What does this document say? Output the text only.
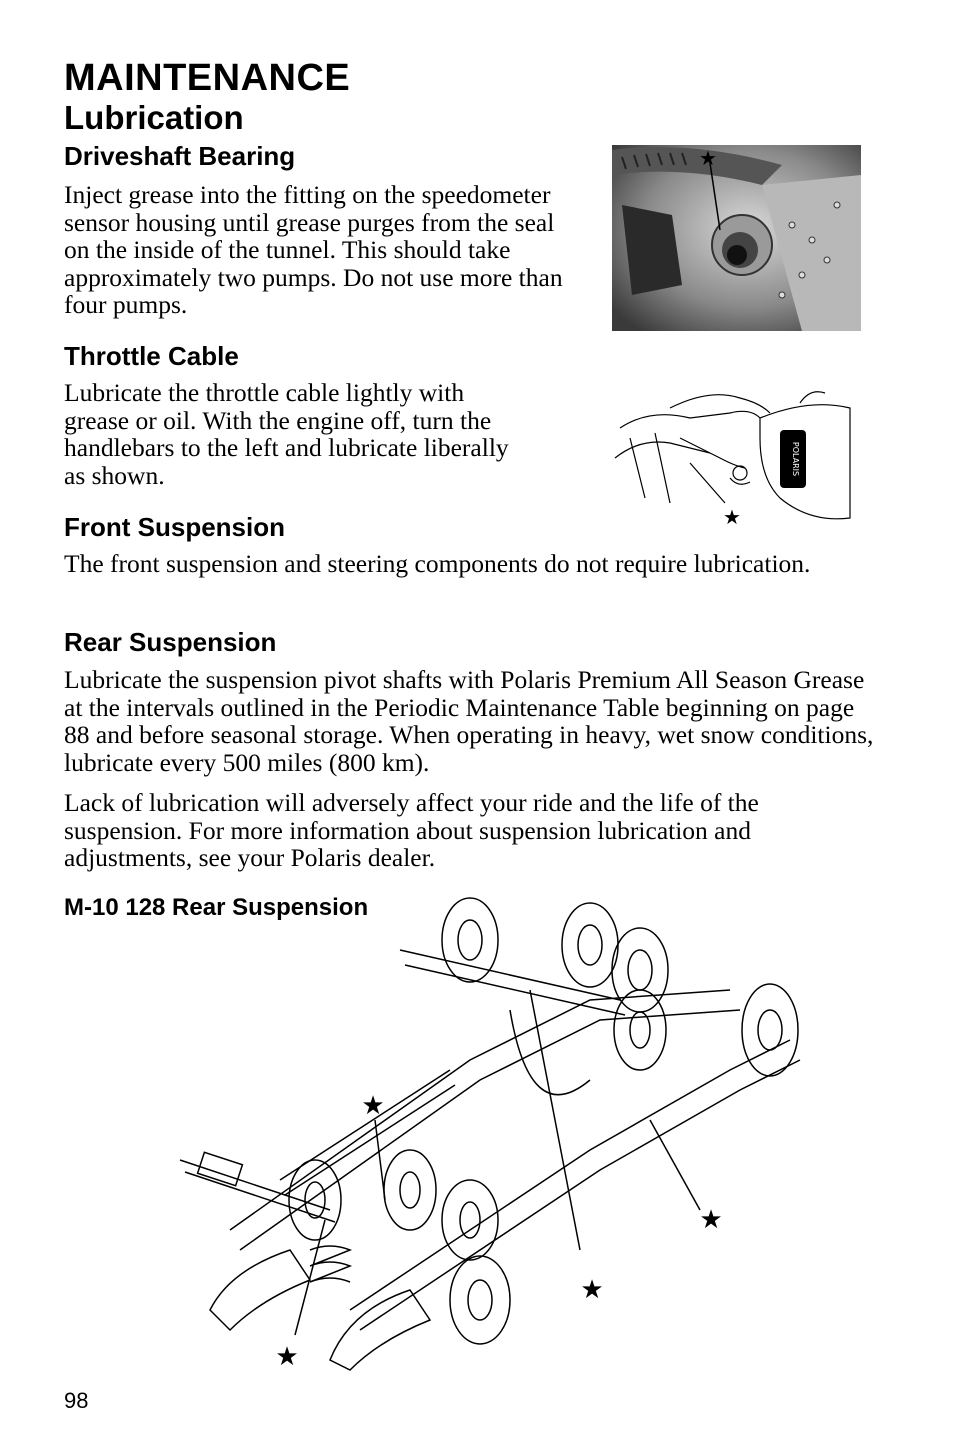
MAINTENANCE
Lubrication
Driveshaft Bearing

Inject grease into the fitting on the speedometer sensor housing until grease purges from the seal on the inside of the tunnel. This should take approximately two pumps. Do not use more than four pumps.

★
Throttle Cable

Lubricate the throttle cable lightly with grease or oil. With the engine off, turn the handlebars to the left and lubricate liberally as shown.	POLARIS
★
Front Suspension

The front suspension and steering components do not require lubrication.

Rear Suspension

Lubricate the suspension pivot shafts with Polaris Premium All Season Grease at the intervals outlined in the Periodic Maintenance Table beginning on page 88 and before seasonal storage. When operating in heavy, wet snow conditions, lubricate every 500 miles (800 km).

Lack of lubrication will adversely affect your ride and the life of the suspension. For more information about suspension lubrication and adjustments, see your Polaris dealer.

M-10 128 Rear Suspension
★
★
★
★
98
